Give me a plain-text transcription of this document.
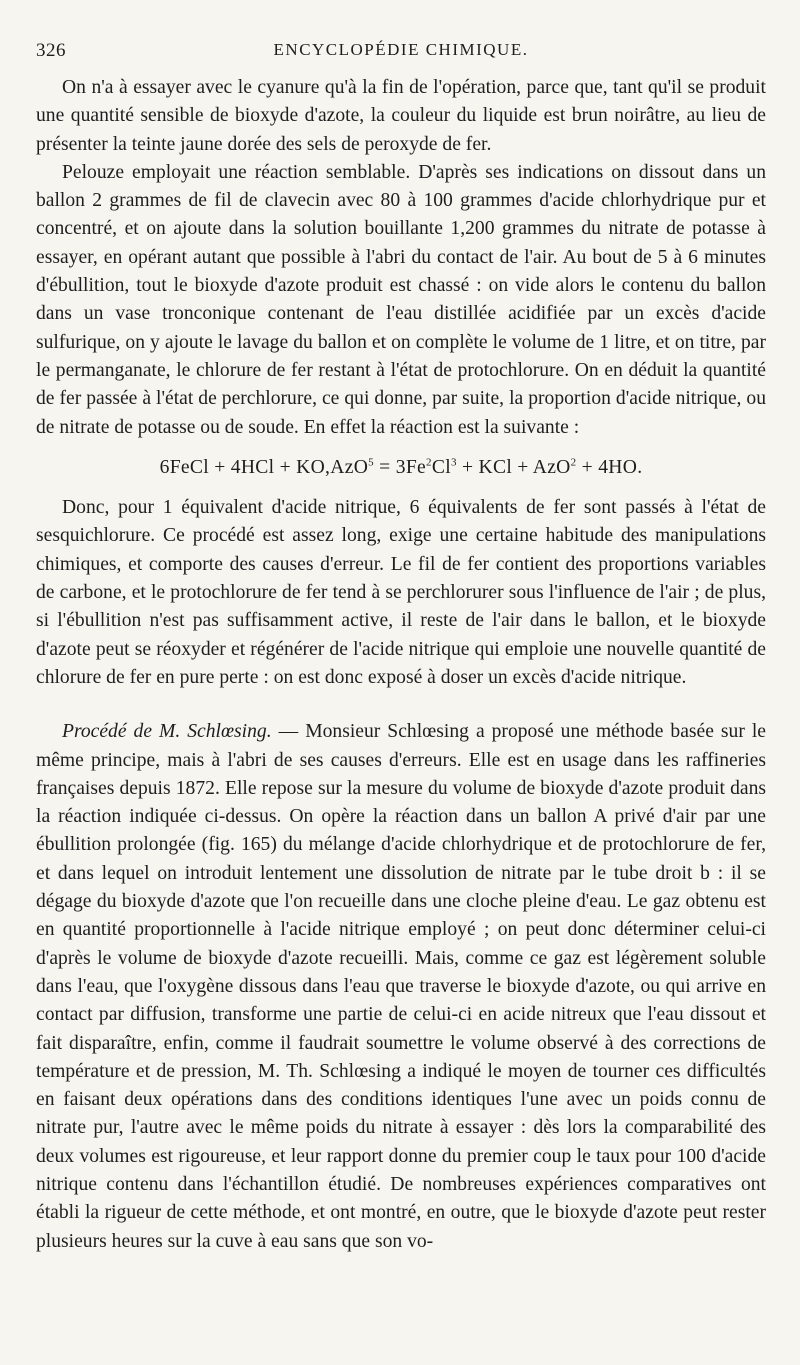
326	ENCYCLOPÉDIE CHIMIQUE.

On n'a à essayer avec le cyanure qu'à la fin de l'opération, parce que, tant qu'il se produit une quantité sensible de bioxyde d'azote, la couleur du liquide est brun noirâtre, au lieu de présenter la teinte jaune dorée des sels de peroxyde de fer.

Pelouze employait une réaction semblable. D'après ses indications on dissout dans un ballon 2 grammes de fil de clavecin avec 80 à 100 grammes d'acide chlorhydrique pur et concentré, et on ajoute dans la solution bouillante 1,200 grammes du nitrate de potasse à essayer, en opérant autant que possible à l'abri du contact de l'air. Au bout de 5 à 6 minutes d'ébullition, tout le bioxyde d'azote produit est chassé : on vide alors le contenu du ballon dans un vase tronconique contenant de l'eau distillée acidifiée par un excès d'acide sulfurique, on y ajoute le lavage du ballon et on complète le volume de 1 litre, et on titre, par le permanganate, le chlorure de fer restant à l'état de protochlorure. On en déduit la quantité de fer passée à l'état de perchlorure, ce qui donne, par suite, la proportion d'acide nitrique, ou de nitrate de potasse ou de soude. En effet la réaction est la suivante :

6FeCl + $4HCl + KO,AzO^5 = 3Fe^2Cl^3$ + KCl + AzO$^2$ + 4HO.

Donc, pour 1 équivalent d'acide nitrique, 6 équivalents de fer sont passés à l'état de sesquichlorure. Ce procédé est assez long, exige une certaine habitude des manipulations chimiques, et comporte des causes d'erreur. Le fil de fer contient des proportions variables de carbone, et le protochlorure de fer tend à se perchlorurer sous l'influence de l'air ; de plus, si l'ébullition n'est pas suffisamment active, il reste de l'air dans le ballon, et le bioxyde d'azote peut se réoxyder et régénérer de l'acide nitrique qui emploie une nouvelle quantité de chlorure de fer en pure perte : on est donc exposé à doser un excès d'acide nitrique.

Procédé de M. Schlœsing. — Monsieur Schlœsing a proposé une méthode basée sur le même principe, mais à l'abri de ses causes d'erreurs. Elle est en usage dans les raffineries françaises depuis 1872. Elle repose sur la mesure du volume de bioxyde d'azote produit dans la réaction indiquée ci-dessus. On opère la réaction dans un ballon A privé d'air par une ébullition prolongée (fig. 165) du mélange d'acide chlorhydrique et de protochlorure de fer, et dans lequel on introduit lentement une dissolution de nitrate par le tube droit b : il se dégage du bioxyde d'azote que l'on recueille dans une cloche pleine d'eau. Le gaz obtenu est en quantité proportionnelle à l'acide nitrique employé ; on peut donc déterminer celui-ci d'après le volume de bioxyde d'azote recueilli. Mais, comme ce gaz est légèrement soluble dans l'eau, que l'oxygène dissous dans l'eau que traverse le bioxyde d'azote, ou qui arrive en contact par diffusion, transforme une partie de celui-ci en acide nitreux que l'eau dissout et fait disparaître, enfin, comme il faudrait soumettre le volume observé à des corrections de température et de pression, M. Th. Schlœsing a indiqué le moyen de tourner ces difficultés en faisant deux opérations dans des conditions identiques l'une avec un poids connu de nitrate pur, l'autre avec le même poids du nitrate à essayer : dès lors la comparabilité des deux volumes est rigoureuse, et leur rapport donne du premier coup le taux pour 100 d'acide nitrique contenu dans l'échantillon étudié. De nombreuses expériences comparatives ont établi la rigueur de cette méthode, et ont montré, en outre, que le bioxyde d'azote peut rester plusieurs heures sur la cuve à eau sans que son vo-
